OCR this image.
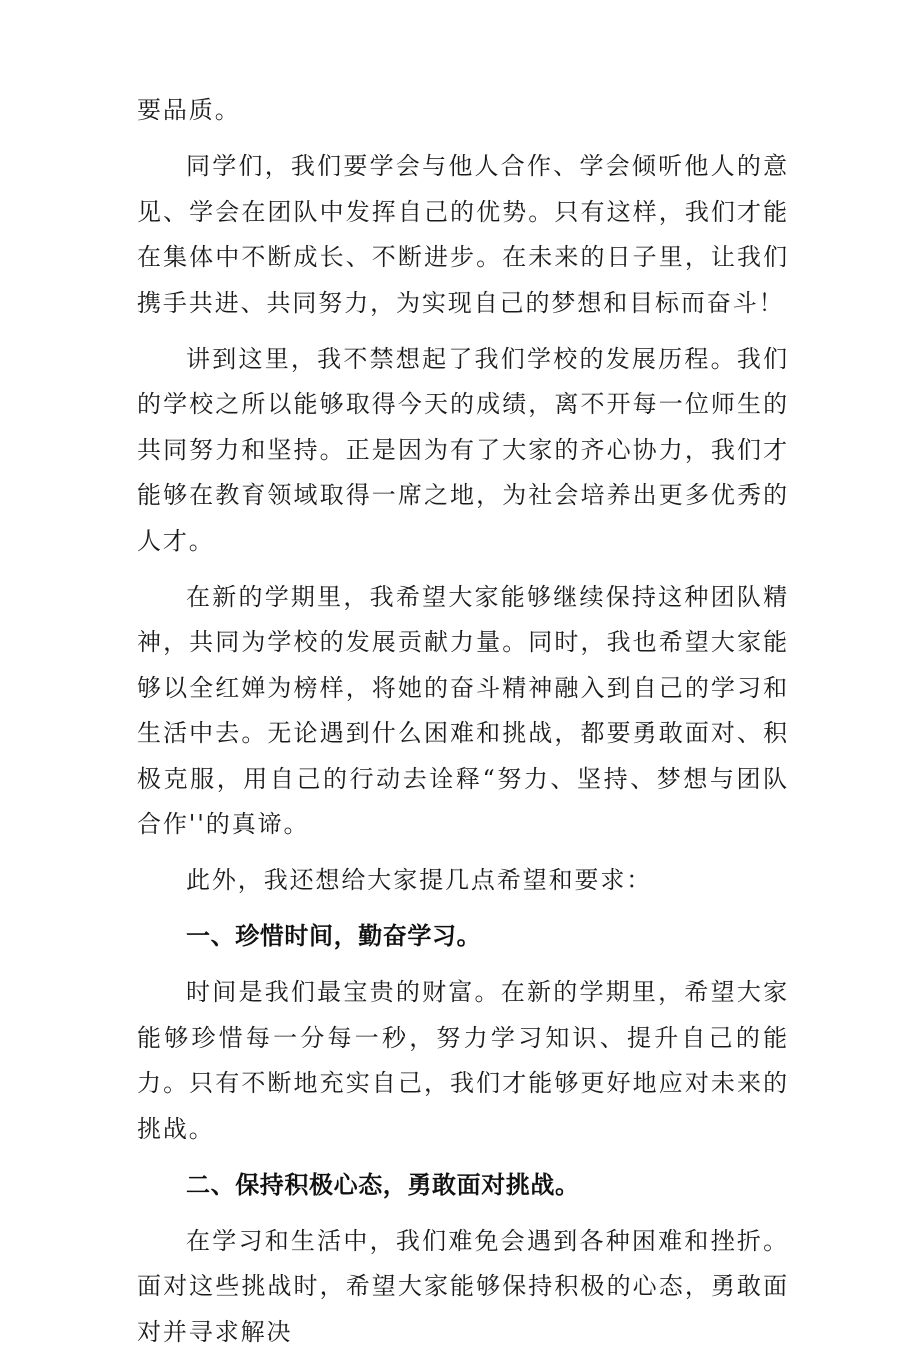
要品质。

同学们，我们要学会与他人合作、学会倾听他人的意见、学会在团队中发挥自己的优势。只有这样，我们才能在集体中不断成长、不断进步。在未来的日子里，让我们携手共进、共同努力，为实现自己的梦想和目标而奋斗！

讲到这里，我不禁想起了我们学校的发展历程。我们的学校之所以能够取得今天的成绩，离不开每一位师生的共同努力和坚持。正是因为有了大家的齐心协力，我们才能够在教育领域取得一席之地，为社会培养出更多优秀的人才。

在新的学期里，我希望大家能够继续保持这种团队精神，共同为学校的发展贡献力量。同时，我也希望大家能够以全红婵为榜样，将她的奋斗精神融入到自己的学习和生活中去。无论遇到什么困难和挑战，都要勇敢面对、积极克服，用自己的行动去诠释“努力、坚持、梦想与团队合作''的真谛。

此外，我还想给大家提几点希望和要求：

一、珍惜时间，勤奋学习。

时间是我们最宝贵的财富。在新的学期里，希望大家能够珍惜每一分每一秒，努力学习知识、提升自己的能力。只有不断地充实自己，我们才能够更好地应对未来的挑战。

二、保持积极心态，勇敢面对挑战。

在学习和生活中，我们难免会遇到各种困难和挫折。面对这些挑战时，希望大家能够保持积极的心态，勇敢面对并寻求解决
